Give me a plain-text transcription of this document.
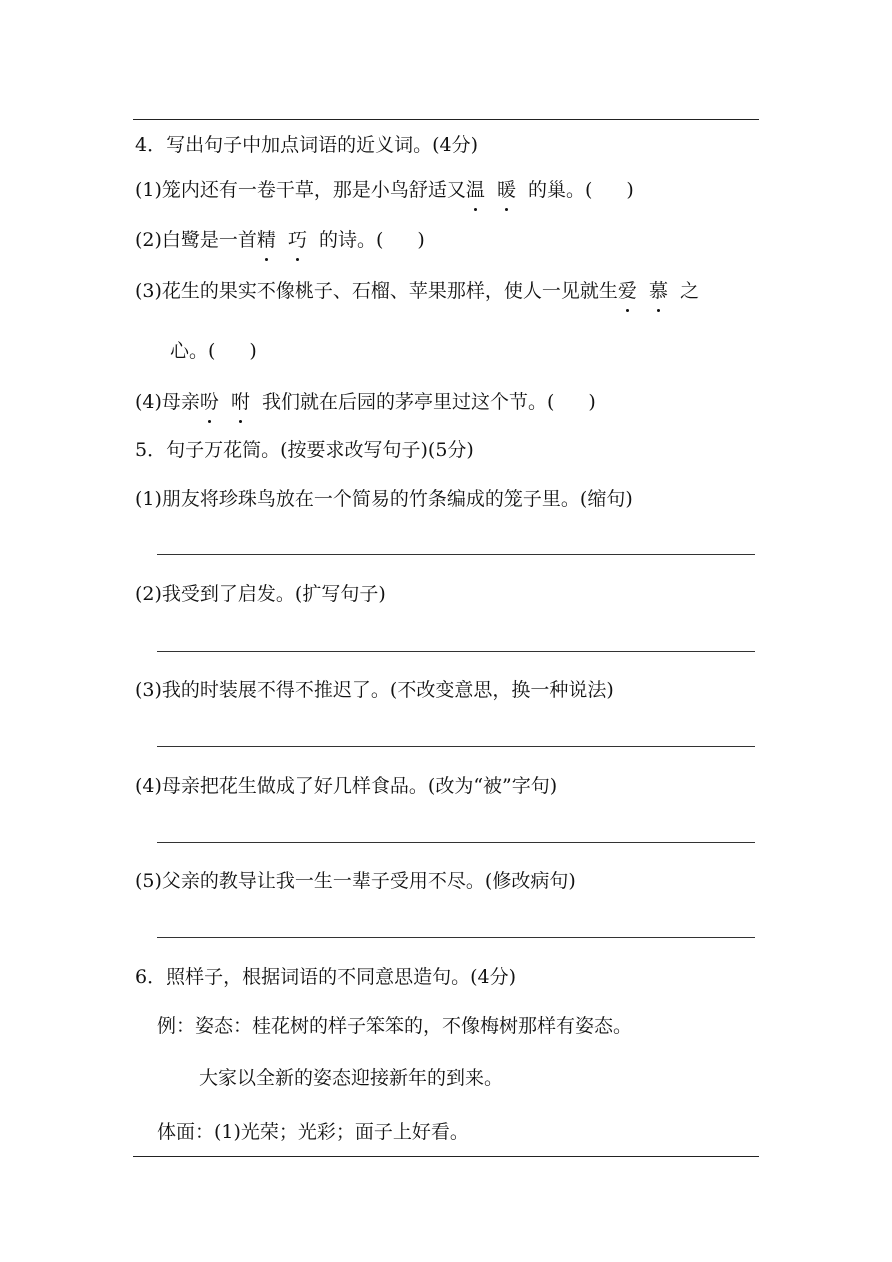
4．写出句子中加点词语的近义词。(4分)
(1)笼内还有一卷干草，那是小鸟舒适又温 暖 的巢。( )
(2)白鹭是一首精 巧 的诗。( )
(3)花生的果实不像桃子、石榴、苹果那样，使人一见就生爱 慕 之
心。( )
(4)母亲吩 咐 我们就在后园的茅亭里过这个节。( )
5．句子万花筒。(按要求改写句子)(5分)
(1)朋友将珍珠鸟放在一个简易的竹条编成的笼子里。(缩句)
(2)我受到了启发。(扩写句子)
(3)我的时装展不得不推迟了。(不改变意思，换一种说法)
(4)母亲把花生做成了好几样食品。(改为“被”字句)
(5)父亲的教导让我一生一辈子受用不尽。(修改病句)
6．照样子，根据词语的不同意思造句。(4分)
例：姿态：桂花树的样子笨笨的，不像梅树那样有姿态。
大家以全新的姿态迎接新年的到来。
体面：(1)光荣；光彩；面子上好看。
